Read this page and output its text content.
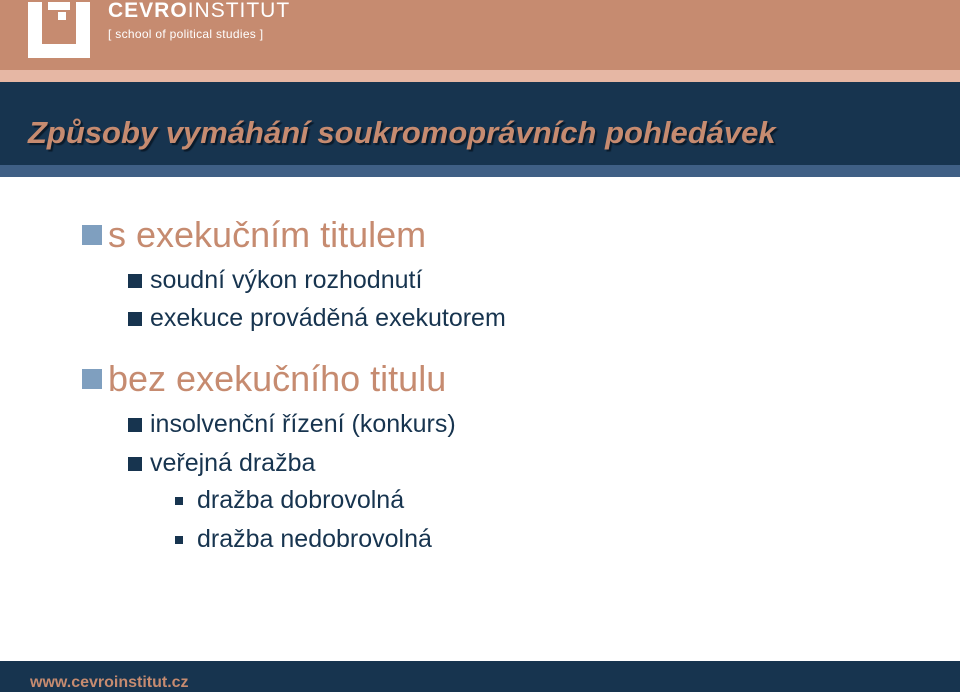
CEVROINSTITUT
[ school of political studies ]
Způsoby vymáhání soukromoprávních pohledávek
s exekučním titulem
soudní výkon rozhodnutí
exekuce prováděná exekutorem
bez exekučního titulu
insolvenční řízení (konkurs)
veřejná dražba
dražba dobrovolná
dražba nedobrovolná
www.cevroinstitut.cz
